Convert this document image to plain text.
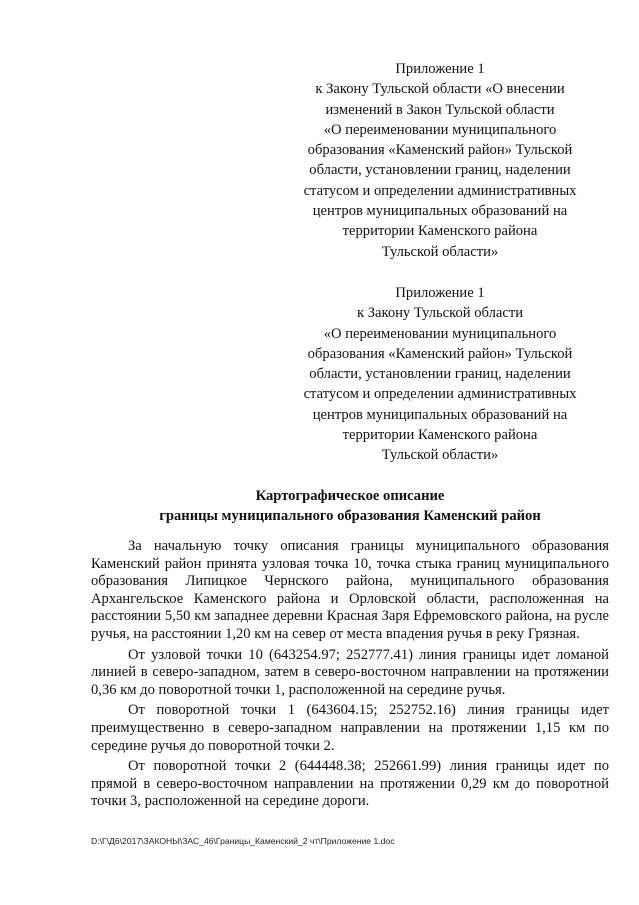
Приложение 1
к Закону Тульской области «О внесении
изменений в Закон Тульской области
«О переименовании муниципального
образования «Каменский район» Тульской
области, установлении границ, наделении
статусом и определении административных
центров муниципальных образований на
территории Каменского района
Тульской области»
Приложение 1
к Закону Тульской области
«О переименовании муниципального
образования «Каменский район» Тульской
области, установлении границ, наделении
статусом и определении административных
центров муниципальных образований на
территории Каменского района
Тульской области»
Картографическое описание
границы муниципального образования Каменский район

За начальную точку описания границы муниципального образования Каменский район принята узловая точка 10, точка стыка границ муниципального образования Липицкое Чернского района, муниципального образования Архангельское Каменского района и Орловской области, расположенная на расстоянии 5,50 км западнее деревни Красная Заря Ефремовского района, на русле ручья, на расстоянии 1,20 км на север от места впадения ручья в реку Грязная.

От узловой точки 10 (643254.97; 252777.41) линия границы идет ломаной линией в северо-западном, затем в северо-восточном направлении на протяжении 0,36 км до поворотной точки 1, расположенной на середине ручья.

От поворотной точки 1 (643604.15; 252752.16) линия границы идет преимущественно в северо-западном направлении на протяжении 1,15 км по середине ручья до поворотной точки 2.

От поворотной точки 2 (644448.38; 252661.99) линия границы идет по прямой в северо-восточном направлении на протяжении 0,29 км до поворотной точки 3, расположенной на середине дороги.

D:\Г\Д6\2017\ЗАКОНЫ\ЗАС_46\Границы_Каменский_2 чт\Приложение 1.doc
